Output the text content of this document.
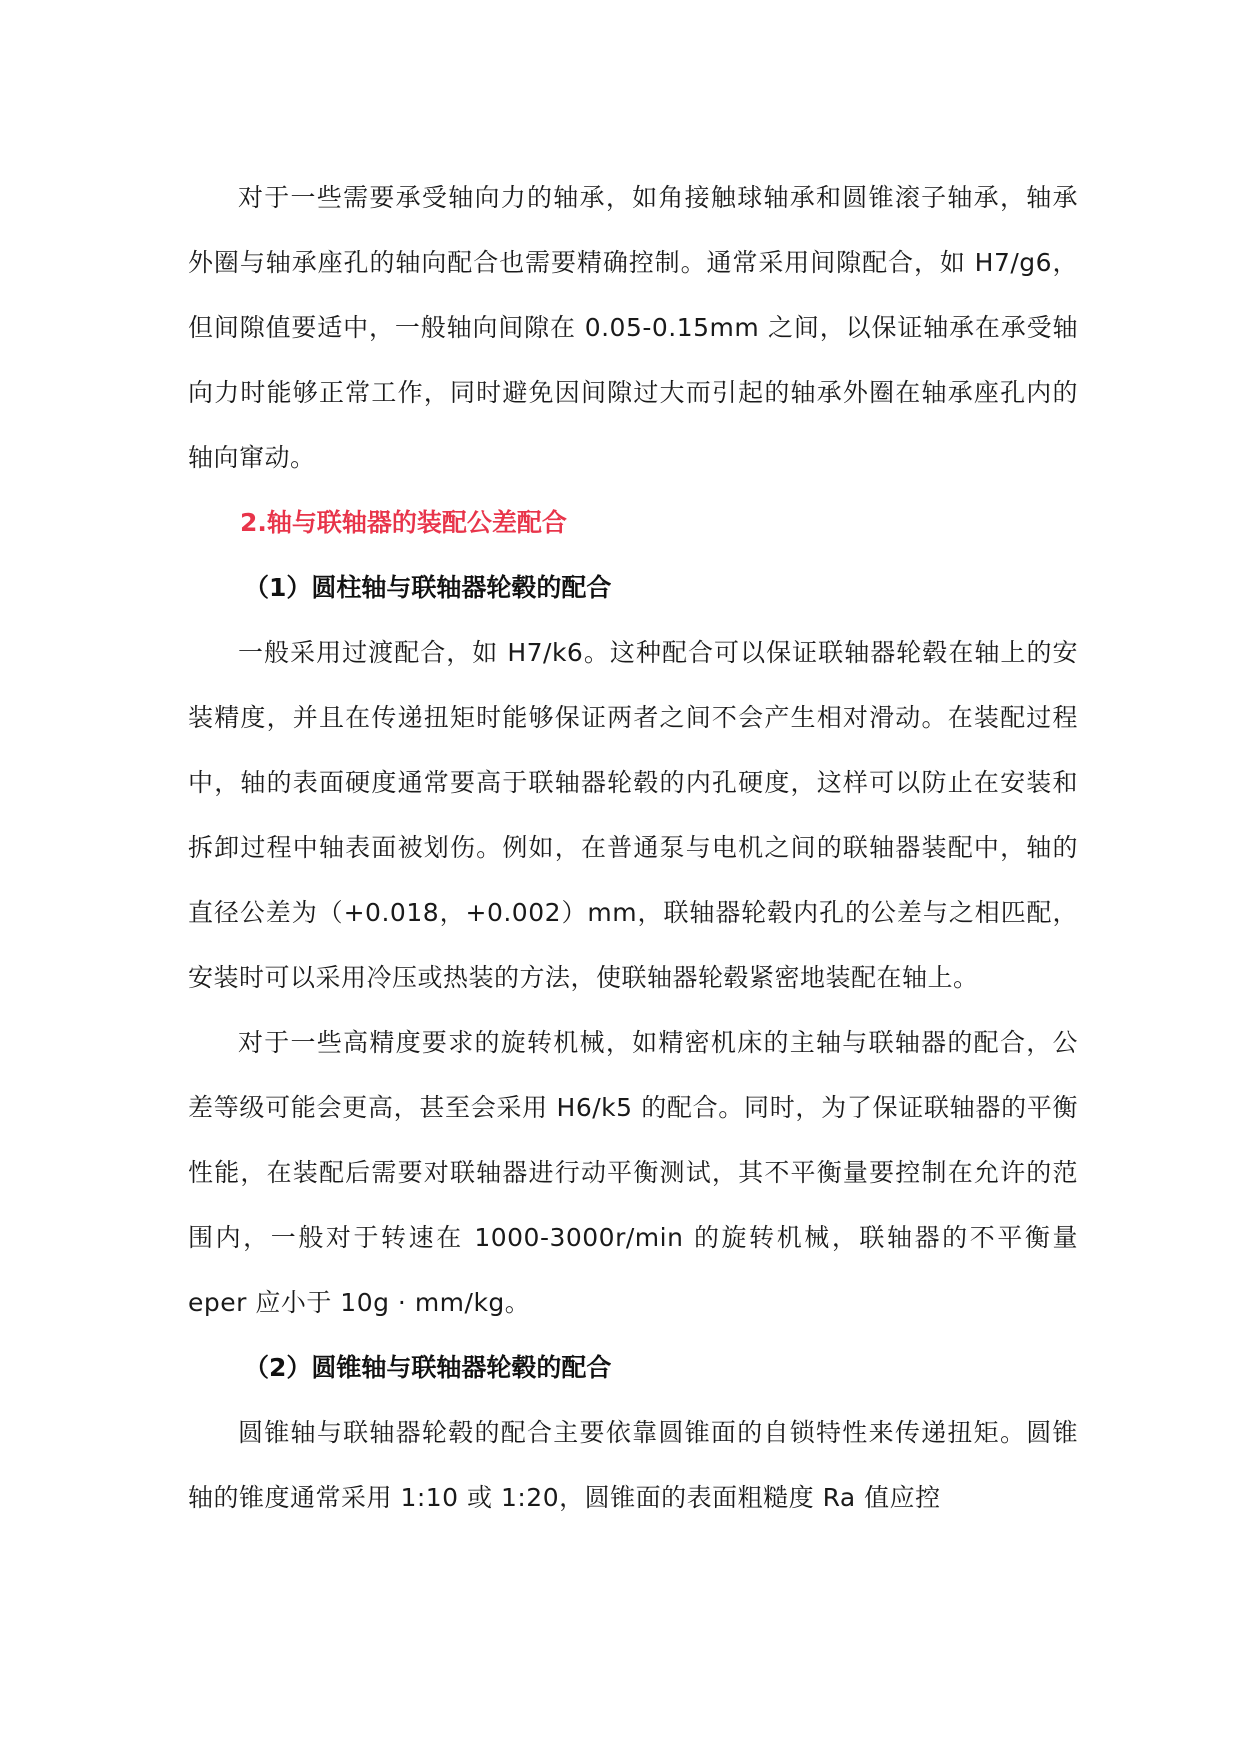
对于一些需要承受轴向力的轴承，如角接触球轴承和圆锥滚子轴承，轴承外圈与轴承座孔的轴向配合也需要精确控制。通常采用间隙配合，如 H7/g6，但间隙值要适中，一般轴向间隙在 0.05-0.15mm 之间，以保证轴承在承受轴向力时能够正常工作，同时避免因间隙过大而引起的轴承外圈在轴承座孔内的轴向窜动。

2.轴与联轴器的装配公差配合

（1）圆柱轴与联轴器轮毂的配合

一般采用过渡配合，如 H7/k6。这种配合可以保证联轴器轮毂在轴上的安装精度，并且在传递扭矩时能够保证两者之间不会产生相对滑动。在装配过程中，轴的表面硬度通常要高于联轴器轮毂的内孔硬度，这样可以防止在安装和拆卸过程中轴表面被划伤。例如，在普通泵与电机之间的联轴器装配中，轴的直径公差为（+0.018，+0.002）mm，联轴器轮毂内孔的公差与之相匹配，安装时可以采用冷压或热装的方法，使联轴器轮毂紧密地装配在轴上。

对于一些高精度要求的旋转机械，如精密机床的主轴与联轴器的配合，公差等级可能会更高，甚至会采用 H6/k5 的配合。同时，为了保证联轴器的平衡性能，在装配后需要对联轴器进行动平衡测试，其不平衡量要控制在允许的范围内，一般对于转速在 1000-3000r/min 的旋转机械，联轴器的不平衡量 eper 应小于 10g · mm/kg。

（2）圆锥轴与联轴器轮毂的配合

圆锥轴与联轴器轮毂的配合主要依靠圆锥面的自锁特性来传递扭矩。圆锥轴的锥度通常采用 1:10 或 1:20，圆锥面的表面粗糙度 Ra 值应控
